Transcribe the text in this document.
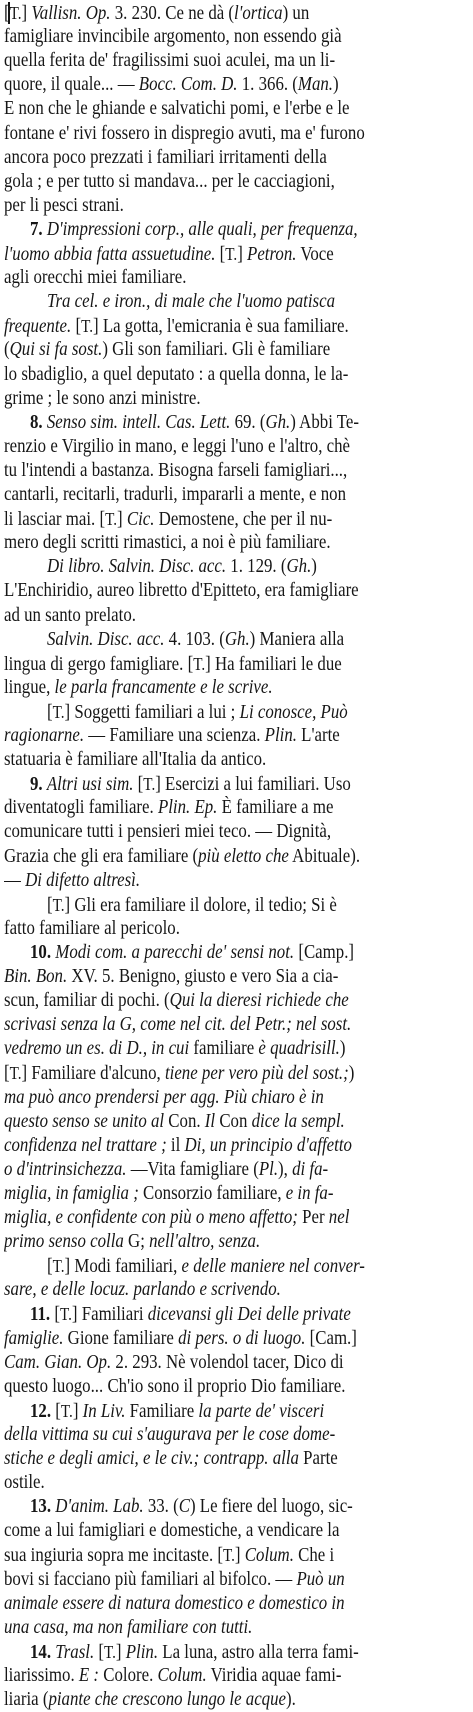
[T.] Vallisn. Op. 3. 230. Ce ne dà (l'ortica) un
famigliare invincibile argomento, non essendo già
quella ferita de' fragilissimi suoi aculei, ma un li-
quore, il quale... — Bocc. Com. D. 1. 366. (Man.)
E non che le ghiande e salvatichi pomi, e l'erbe e le
fontane e' rivi fossero in dispregio avuti, ma e' furono
ancora poco prezzati i familiari irritamenti della
gola ; e per tutto si mandava... per le cacciagioni,
per li pesci strani.
7. D'impressioni corp., alle quali, per frequenza,
l'uomo abbia fatta assuetudine. [T.] Petron. Voce
agli orecchi miei familiare.
Tra cel. e iron., di male che l'uomo patisca
frequente. [T.] La gotta, l'emicrania è sua familiare.
(Qui si fa sost.) Gli son familiari. Gli è familiare
lo sbadiglio, a quel deputato : a quella donna, le la-
grime ; le sono anzi ministre.
8. Senso sim. intell. Cas. Lett. 69. (Gh.) Abbi Te-
renzio e Virgilio in mano, e leggi l'uno e l'altro, chè
tu l'intendi a bastanza. Bisogna farseli famigliari...,
cantarli, recitarli, tradurli, impararli a mente, e non
li lasciar mai. [T.] Cic. Demostene, che per il nu-
mero degli scritti rimastici, a noi è più familiare.
Di libro. Salvin. Disc. acc. 1. 129. (Gh.)
L'Enchiridio, aureo libretto d'Epitteto, era famigliare
ad un santo prelato.
Salvin. Disc. acc. 4. 103. (Gh.) Maniera alla
lingua di gergo famigliare. [T.] Ha familiari le due
lingue, le parla francamente e le scrive.
[T.] Soggetti familiari a lui ; Li conosce, Può
ragionarne. — Familiare una scienza. Plin. L'arte
statuaria è familiare all'Italia da antico.
9. Altri usi sim. [T.] Esercizi a lui familiari. Uso
diventatogli familiare. Plin. Ep. È familiare a me
comunicare tutti i pensieri miei teco. — Dignità,
Grazia che gli era familiare (più eletto che Abituale).
— Di difetto altresì.
[T.] Gli era familiare il dolore, il tedio; Si è
fatto familiare al pericolo.
10. Modi com. a parecchi de' sensi not. [Camp.]
Bin. Bon. XV. 5. Benigno, giusto e vero Sia a cia-
scun, familiar di pochi. (Qui la dieresi richiede che
scrivasi senza la G, come nel cit. del Petr.; nel sost.
vedremo un es. di D., in cui familiare è quadrisill.)
[T.] Familiare d'alcuno, tiene per vero più del sost.;)
ma può anco prendersi per agg. Più chiaro è in
questo senso se unito al Con. Il Con dice la sempl.
confidenza nel trattare ; il Di, un principio d'affetto
o d'intrinsichezza. —Vita famigliare (Pl.), di fa-
miglia, in famiglia ; Consorzio familiare, e in fa-
miglia, e confidente con più o meno affetto; Per nel
primo senso colla G; nell'altro, senza.
[T.] Modi familiari, e delle maniere nel conver-
sare, e delle locuz. parlando e scrivendo.
11. [T.] Familiari dicevansi gli Dei delle private
famiglie. Gione familiare di pers. o di luogo. [Cam.]
Cam. Gian. Op. 2. 293. Nè volendol tacer, Dico di
questo luogo... Ch'io sono il proprio Dio familiare.
12. [T.] In Liv. Familiare la parte de' visceri
della vittima su cui s'augurava per le cose dome-
stiche e degli amici, e le civ.; contrapp. alla Parte
ostile.
13. D'anim. Lab. 33. (C) Le fiere del luogo, sic-
come a lui famigliari e domestiche, a vendicare la
sua ingiuria sopra me incitaste. [T.] Colum. Che i
bovi si facciano più familiari al bifolco. — Può un
animale essere di natura domestico e domestico in
una casa, ma non familiare con tutti.
14. Trasl. [T.] Plin. La luna, astro alla terra fami-
liarissimo. E : Colore. Colum. Viridia aquae fami-
liaria (piante che crescono lungo le acque).
